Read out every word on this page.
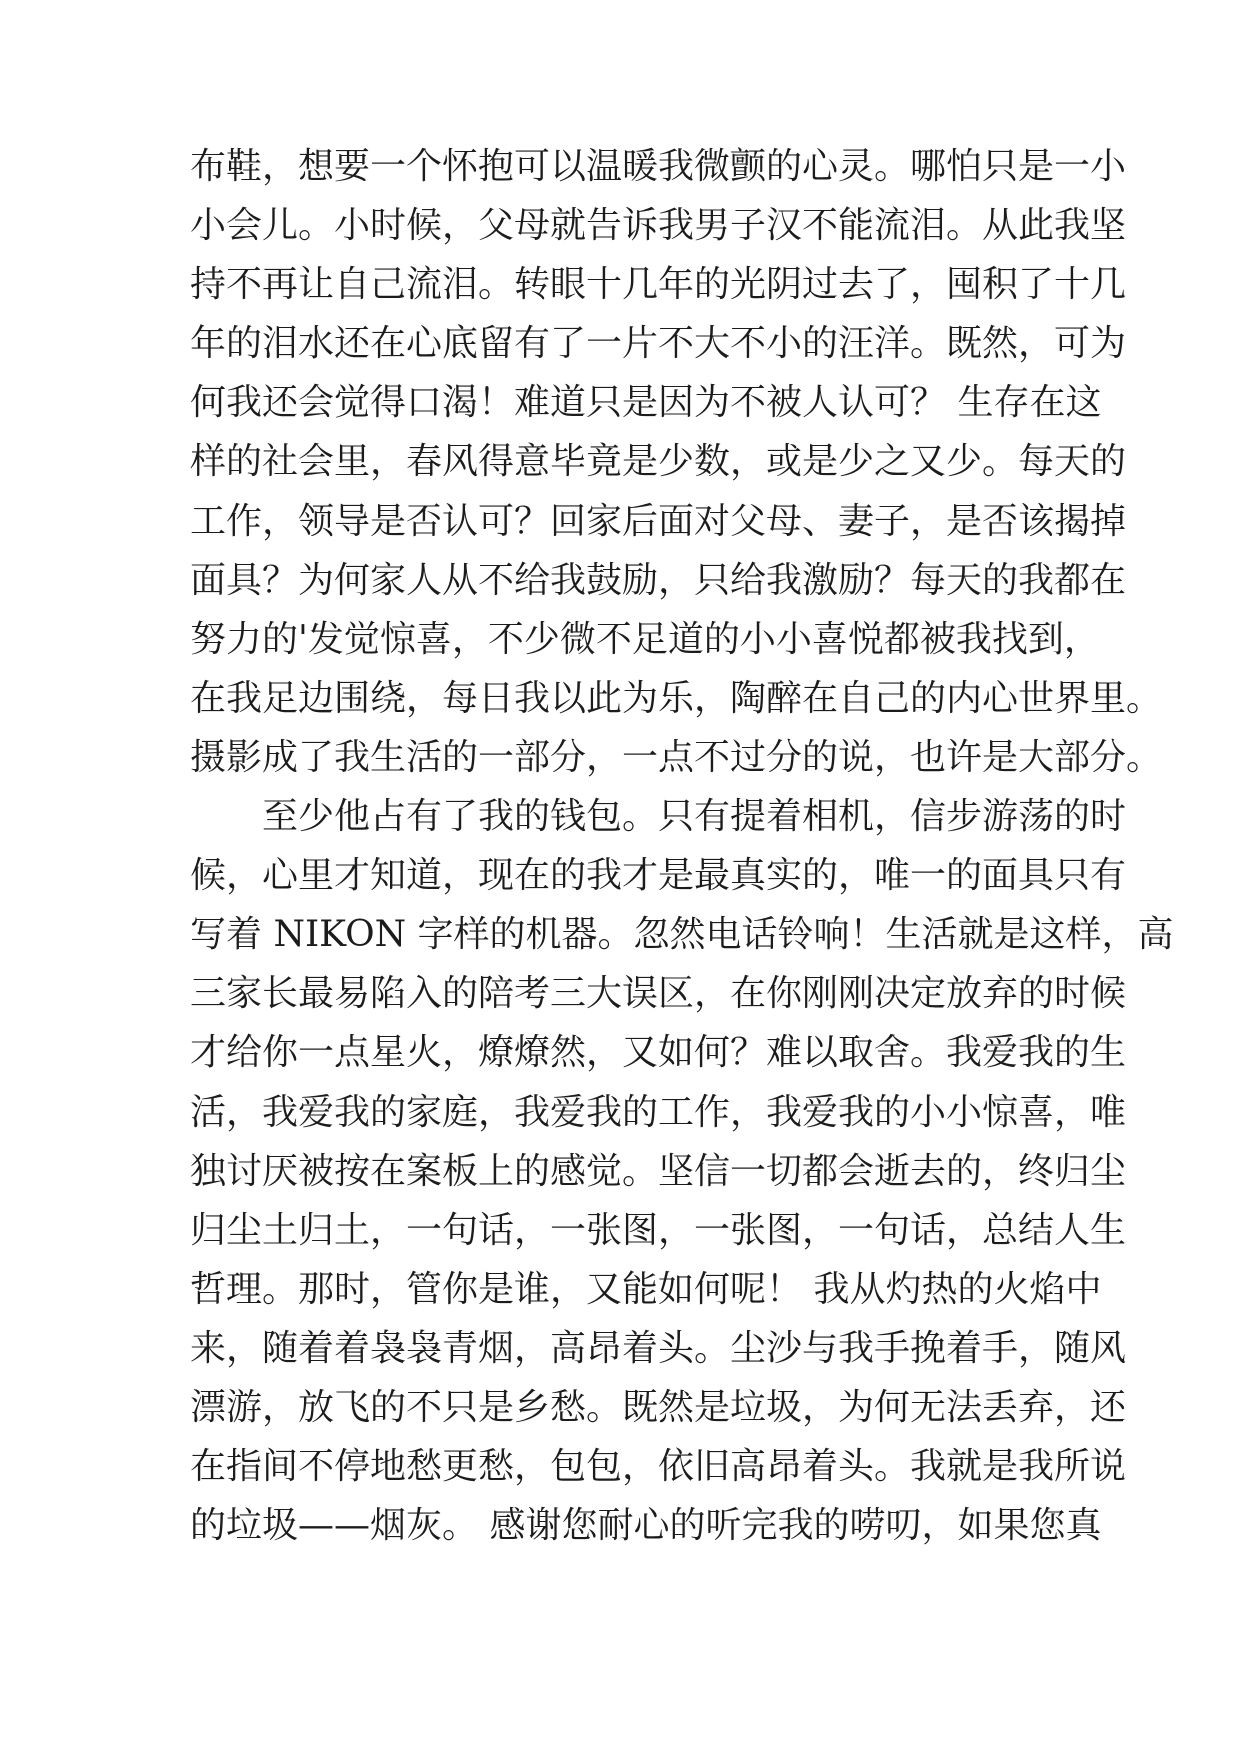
布鞋，想要一个怀抱可以温暖我微颤的心灵。哪怕只是一小
小会儿。小时候，父母就告诉我男子汉不能流泪。从此我坚
持不再让自己流泪。转眼十几年的光阴过去了，囤积了十几
年的泪水还在心底留有了一片不大不小的汪洋。既然，可为
何我还会觉得口渴！难道只是因为不被人认可？ 生存在这
样的社会里，春风得意毕竟是少数，或是少之又少。每天的
工作，领导是否认可？回家后面对父母、妻子，是否该揭掉
面具？为何家人从不给我鼓励，只给我激励？每天的我都在
努力的'发觉惊喜，不少微不足道的小小喜悦都被我找到，
在我足边围绕，每日我以此为乐，陶醉在自己的内心世界里。
摄影成了我生活的一部分，一点不过分的说，也许是大部分。
　　至少他占有了我的钱包。只有提着相机，信步游荡的时
候，心里才知道，现在的我才是最真实的，唯一的面具只有
写着 NIKON 字样的机器。忽然电话铃响！生活就是这样，高
三家长最易陷入的陪考三大误区，在你刚刚决定放弃的时候
才给你一点星火，燎燎然，又如何？难以取舍。我爱我的生
活，我爱我的家庭，我爱我的工作，我爱我的小小惊喜，唯
独讨厌被按在案板上的感觉。坚信一切都会逝去的，终归尘
归尘土归土，一句话，一张图，一张图，一句话，总结人生
哲理。那时，管你是谁，又能如何呢！ 我从灼热的火焰中
来，随着着袅袅青烟，高昂着头。尘沙与我手挽着手，随风
漂游，放飞的不只是乡愁。既然是垃圾，为何无法丢弃，还
在指间不停地愁更愁，包包，依旧高昂着头。我就是我所说
的垃圾——烟灰。 感谢您耐心的听完我的唠叨，如果您真
